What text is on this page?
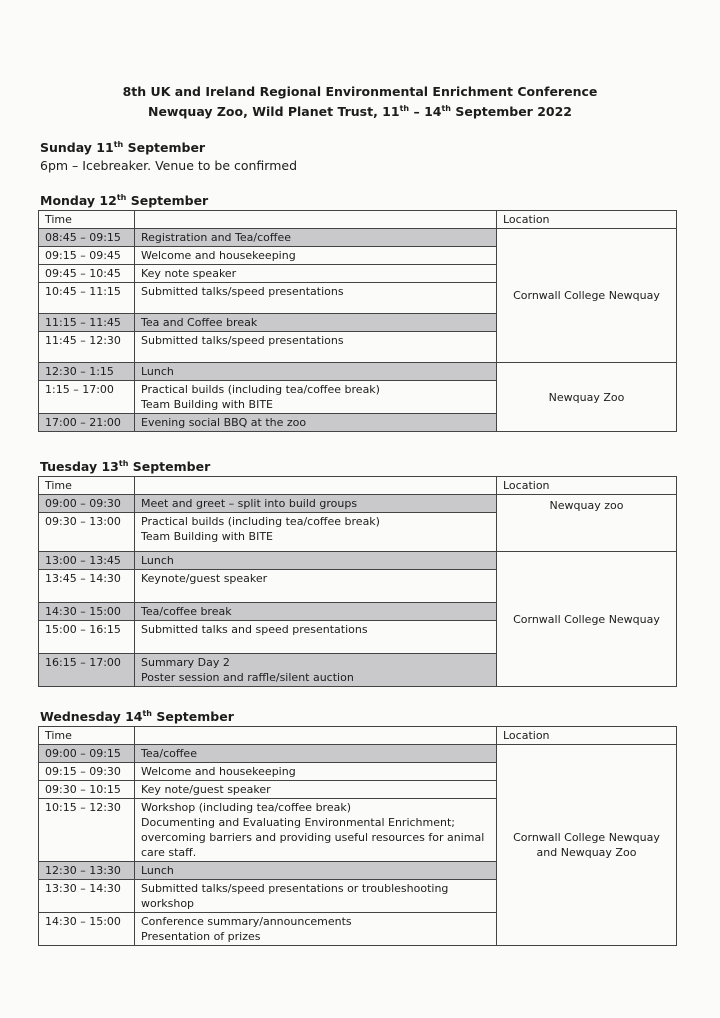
8th UK and Ireland Regional Environmental Enrichment Conference
Newquay Zoo, Wild Planet Trust, 11th – 14th September 2022
Sunday 11th September
6pm – Icebreaker. Venue to be confirmed
Monday 12th September
Time		Location
08:45 – 09:15	Registration and Tea/coffee	Cornwall College Newquay
09:15 – 09:45	Welcome and housekeeping	
09:45 – 10:45	Key note speaker	
10:45 – 11:15	Submitted talks/speed presentations	
11:15 – 11:45	Tea and Coffee break	
11:45 – 12:30	Submitted talks/speed presentations	
12:30 – 1:15	Lunch	Newquay Zoo
1:15 – 17:00	Practical builds (including tea/coffee break)
Team Building with BITE	

17:00 – 21:00	Evening social BBQ at the zoo	
Tuesday 13th September
Time		Location
09:00 – 09:30	Meet and greet – split into build groups	Newquay zoo
09:30 – 13:00	Practical builds (including tea/coffee break)
Team Building with BITE	

13:00 – 13:45	Lunch	Cornwall College Newquay
13:45 – 14:30	Keynote/guest speaker	
14:30 – 15:00	Tea/coffee break	
15:00 – 16:15	Submitted talks and speed presentations	
16:15 – 17:00	Summary Day 2
Poster session and raffle/silent auction	
Wednesday 14th September
Time		Location
09:00 – 09:15	Tea/coffee	Cornwall College Newquay
and Newquay Zoo

09:15 – 09:30	Welcome and housekeeping	
09:30 – 10:15	Key note/guest speaker	
10:15 – 12:30	Workshop (including tea/coffee break)
Documenting and Evaluating Environmental Enrichment;
overcoming barriers and providing useful resources for animal
care staff.	

12:30 – 13:30	Lunch	
13:30 – 14:30	Submitted talks/speed presentations or troubleshooting
workshop	

14:30 – 15:00	Conference summary/announcements
Presentation of prizes	
